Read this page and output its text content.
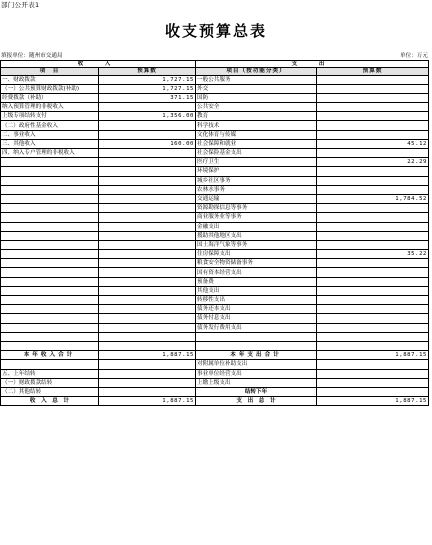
部门公开表1
收支预算总表
填报单位：随州市交通局	单位：万元
收　入		支　出	
项　目	预算数	项目（按功能分类）	预算数
一、财政拨款	1,727.15	一般公共服务	
（一）公共预算财政拨款(补助)	1,727.15	外交	
经费拨款（补助）	371.15	国防	
纳入预算管理的非税收入		公共安全	
上级专项结转支付	1,356.00	教育	
（二）政府性基金收入		科学技术	
二、事业收入		文化体育与传媒	
三、其他收入	160.00	社会保障和就业	45.12
四、纳入专户管理的非税收入		社会保险基金支出	
		医疗卫生	22.29
		环境保护	
		城乡社区事务	
		农林水事务	
		交通运输	1,784.52
		资源勘探信息等事务	
		商业服务业等事务	
		金融支出	
		援助其他地区支出	
		国土海洋气象等事务	
		住房保障支出	35.22
		粮食安全物资储备事务	
		国有资本经营支出	
		预备费	
		其他支出	
		转移性支出	
		债务还本支出	
		债务付息支出	
		债务发行费用支出	

本年收入合计	1,887.15	本年支出合计	1,887.15
		对附属单位补助支出	
五、上年结转		事业单位经营支出	
（一）财政拨款结转		上缴上级支出	
（二）其他结转		结转下年	
收　入　总　计	1,887.15	支　出　总　计	1,887.15
